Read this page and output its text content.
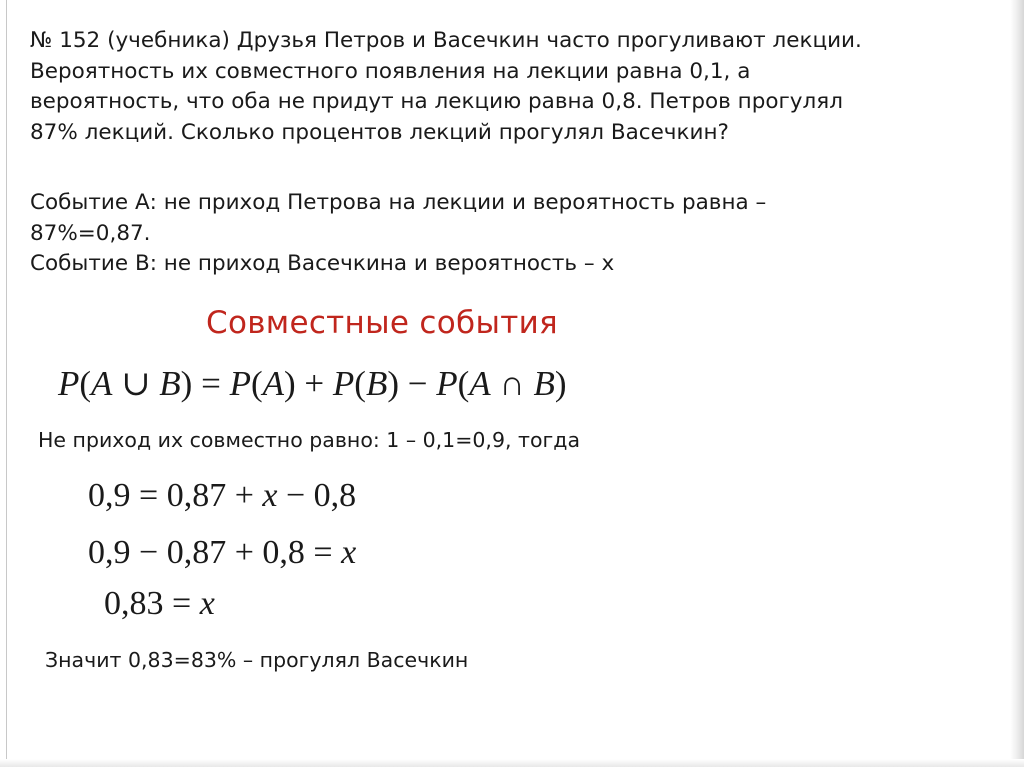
№ 152 (учебника) Друзья Петров и Васечкин часто прогуливают лекции.
Вероятность их совместного появления на лекции равна 0,1, а
вероятность, что оба не придут на лекцию равна 0,8. Петров прогулял
87% лекций. Сколько процентов лекций прогулял Васечкин?
Событие А: не приход Петрова на лекции и вероятность равна –
87%=0,87.
Событие В: не приход Васечкина и вероятность – х
Совместные события
P(A ∪ B) = P(A) + P(B) − P(A ∩ B)
Не приход их совместно равно: 1 – 0,1=0,9, тогда
0,9 = 0,87 + x − 0,8
0,9 − 0,87 + 0,8 = x
0,83 = x
Значит 0,83=83% – прогулял Васечкин
